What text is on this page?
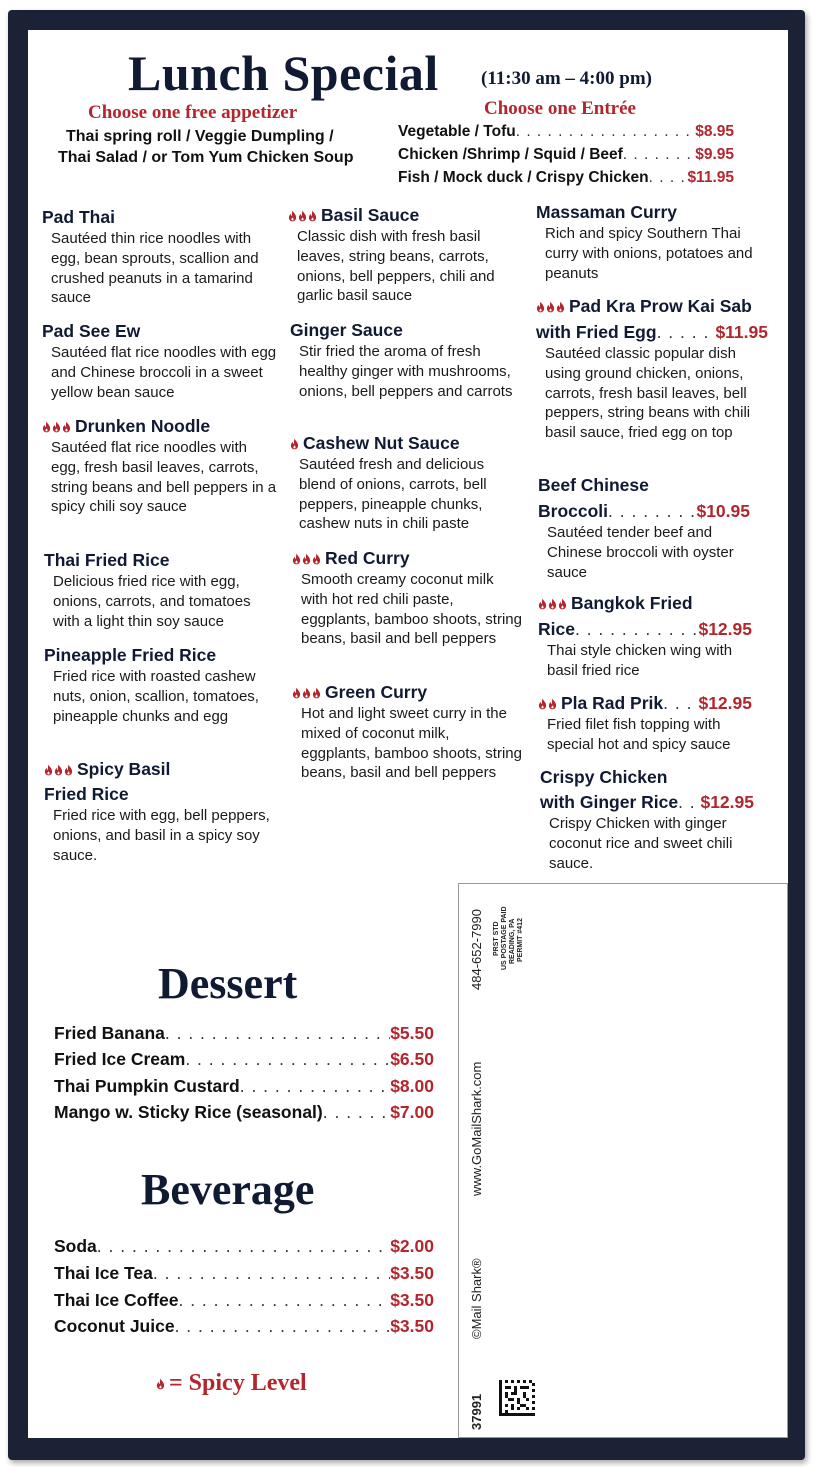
Lunch Special (11:30 am – 4:00 pm)
Choose one free appetizer
Thai spring roll / Veggie Dumpling /
Thai Salad / or Tom Yum Chicken Soup
Choose one Entrée
Vegetable / Tofu . . .	$8.95
Chicken /Shrimp / Squid / Beef . . .	$9.95
Fish / Mock duck / Crispy Chicken . . .	$11.95
Pad Thai
Sautéed thin rice noodles with egg, bean sprouts, scallion and crushed peanuts in a tamarind sauce
Pad See Ew
Sautéed flat rice noodles with egg and Chinese broccoli in a sweet yellow bean sauce
Drunken Noodle
Sautéed flat rice noodles with egg, fresh basil leaves, carrots, string beans and bell peppers in a spicy chili soy sauce
Thai Fried Rice
Delicious fried rice with egg, onions, carrots, and tomatoes with a light thin soy sauce
Pineapple Fried Rice
Fried rice with roasted cashew nuts, onion, scallion, tomatoes, pineapple chunks and egg
Spicy Basil
Fried Rice
Fried rice with egg, bell peppers, onions, and basil in a spicy soy sauce.
Basil Sauce
Classic dish with fresh basil leaves, string beans, carrots, onions, bell peppers, chili and garlic basil sauce
Ginger Sauce
Stir fried the aroma of fresh healthy ginger with mushrooms, onions, bell peppers and carrots
Cashew Nut Sauce
Sautéed fresh and delicious blend of onions, carrots, bell peppers, pineapple chunks, cashew nuts in chili paste
Red Curry
Smooth creamy coconut milk with hot red chili paste, eggplants, bamboo shoots, string beans, basil and bell peppers
Green Curry
Hot and light sweet curry in the mixed of coconut milk, eggplants, bamboo shoots, string beans, basil and bell peppers
Massaman Curry
Rich and spicy Southern Thai curry with onions, potatoes and peanuts
Pad Kra Prow Kai Sab
with Fried Egg . . .	$11.95
Sautéed classic popular dish using ground chicken, onions, carrots, fresh basil leaves, bell peppers, string beans with chili basil sauce, fried egg on top
Beef Chinese
Broccoli . . .	$10.95
Sautéed tender beef and Chinese broccoli with oyster sauce
Bangkok Fried
Rice . . .	$12.95
Thai style chicken wing with basil fried rice
Pla Rad Prik . . . $12.95
Fried filet fish topping with special hot and spicy sauce
Crispy Chicken
with Ginger Rice . . . $12.95
Crispy Chicken with ginger coconut rice and sweet chili sauce.
Dessert
Fried Banana . . .	$5.50
Fried Ice Cream . . .	$6.50
Thai Pumpkin Custard . . .	$8.00
Mango w. Sticky Rice (seasonal) . . .	$7.00
Beverage
Soda . . .	$2.00
Thai Ice Tea . . .	$3.50
Thai Ice Coffee . . .	$3.50
Coconut Juice . . .	$3.50
= Spicy Level
484-652-7990 PRST STD US POSTAGE PAID READING, PA PERMIT #412
www.GoMailShark.com
©Mail Shark®
37991
